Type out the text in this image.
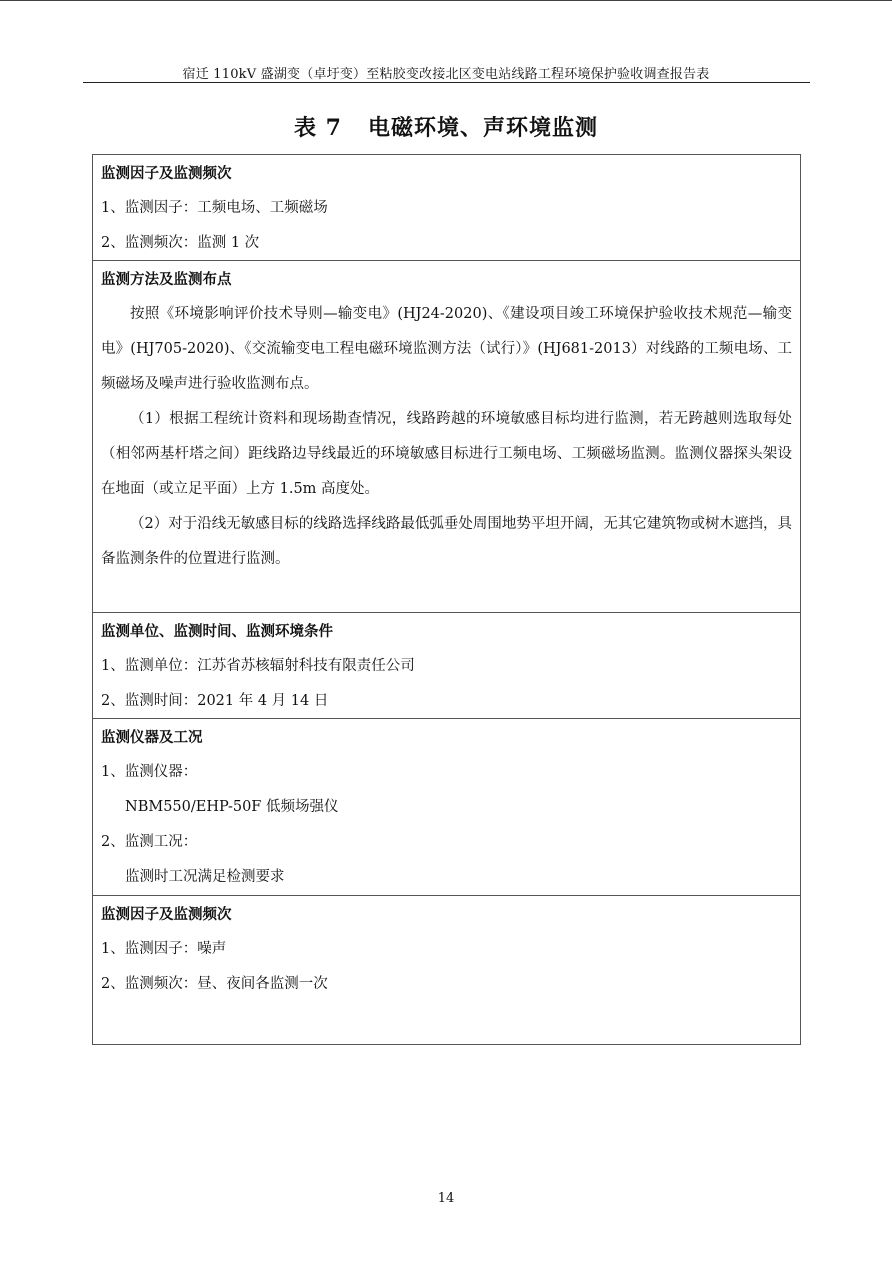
宿迁 110kV 盛湖变（卓圩变）至粘胶变改接北区变电站线路工程环境保护验收调查报告表
表 7 电磁环境、声环境监测
监测因子及监测频次
1、监测因子：工频电场、工频磁场
2、监测频次：监测 1 次
监测方法及监测布点
按照《环境影响评价技术导则—输变电》(HJ24-2020)、《建设项目竣工环境保护验收技术规范—输变电》(HJ705-2020)、《交流输变电工程电磁环境监测方法（试行）》(HJ681-2013）对线路的工频电场、工频磁场及噪声进行验收监测布点。
（1）根据工程统计资料和现场勘查情况，线路跨越的环境敏感目标均进行监测，若无跨越则选取每处（相邻两基杆塔之间）距线路边导线最近的环境敏感目标进行工频电场、工频磁场监测。监测仪器探头架设在地面（或立足平面）上方 1.5m 高度处。
（2）对于沿线无敏感目标的线路选择线路最低弧垂处周围地势平坦开阔，无其它建筑物或树木遮挡，具备监测条件的位置进行监测。
监测单位、监测时间、监测环境条件
1、监测单位：江苏省苏核辐射科技有限责任公司
2、监测时间：2021 年 4 月 14 日
监测仪器及工况
1、监测仪器：
NBM550/EHP-50F 低频场强仪
2、监测工况：
监测时工况满足检测要求
监测因子及监测频次
1、监测因子：噪声
2、监测频次：昼、夜间各监测一次
14
